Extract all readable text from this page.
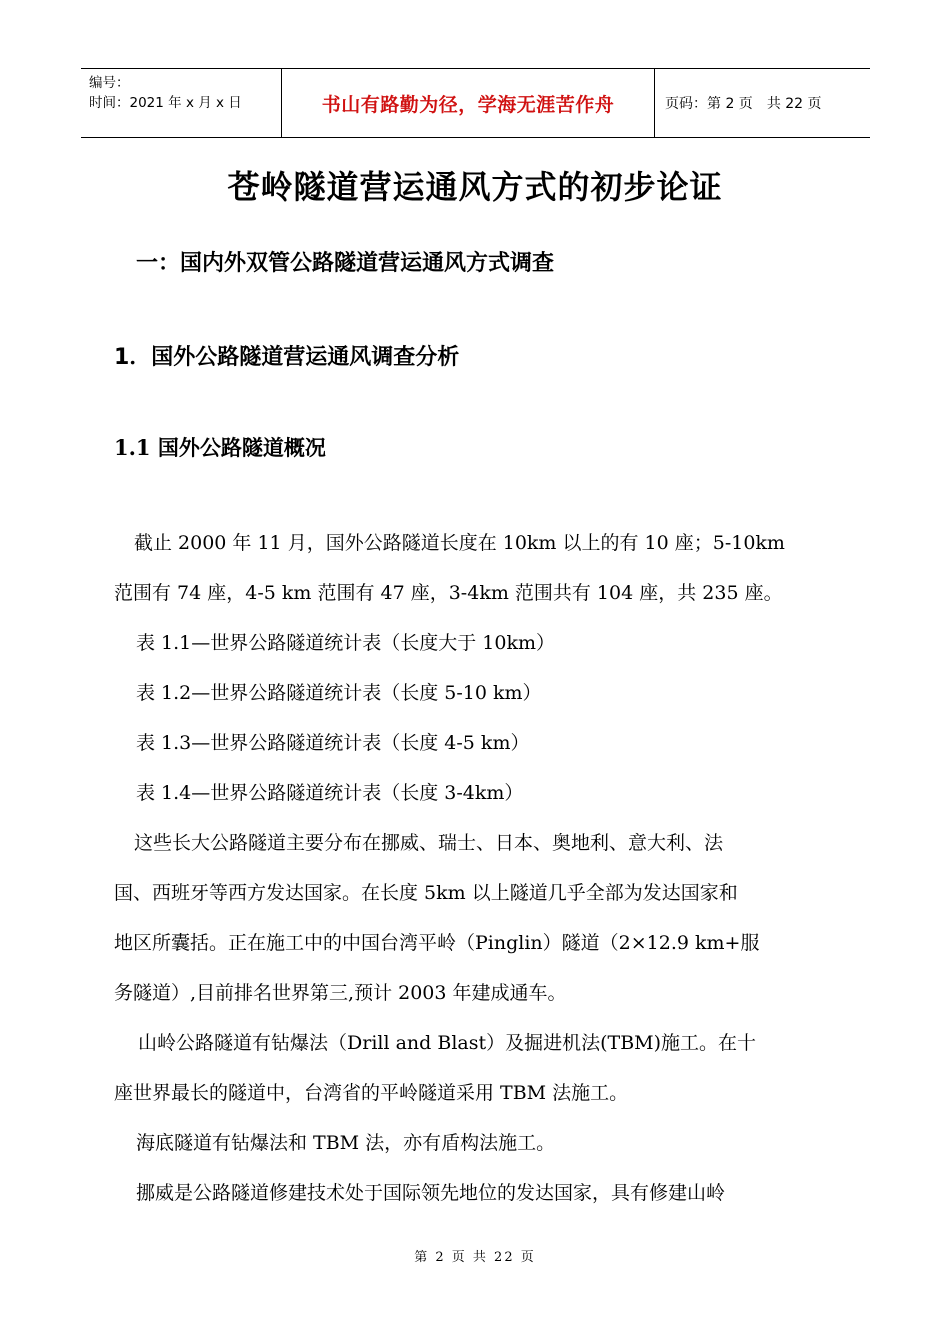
编号：
时间：2021 年 x 月 x 日	书山有路勤为径，学海无涯苦作舟	页码：第 2 页 共 22 页
苍岭隧道营运通风方式的初步论证
一：国内外双管公路隧道营运通风方式调查
1．国外公路隧道营运通风调查分析
1.1 国外公路隧道概况
截止 2000 年 11 月，国外公路隧道长度在 10km 以上的有 10 座；5-10km
范围有 74 座，4-5 km 范围有 47 座，3-4km 范围共有 104 座，共 235 座。
表 1.1—世界公路隧道统计表（长度大于 10km）
表 1.2—世界公路隧道统计表（长度 5-10 km）
表 1.3—世界公路隧道统计表（长度 4-5 km）
表 1.4—世界公路隧道统计表（长度 3-4km）
这些长大公路隧道主要分布在挪威、瑞士、日本、奥地利、意大利、法
国、西班牙等西方发达国家。在长度 5km 以上隧道几乎全部为发达国家和
地区所囊括。正在施工中的中国台湾平岭（Pinglin）隧道（2×12.9 km+服
务隧道）,目前排名世界第三,预计 2003 年建成通车。
山岭公路隧道有钻爆法（Drill and Blast）及掘进机法(TBM)施工。在十
座世界最长的隧道中，台湾省的平岭隧道采用 TBM 法施工。
海底隧道有钻爆法和 TBM 法，亦有盾构法施工。
挪威是公路隧道修建技术处于国际领先地位的发达国家，具有修建山岭
第 2 页 共 22 页
